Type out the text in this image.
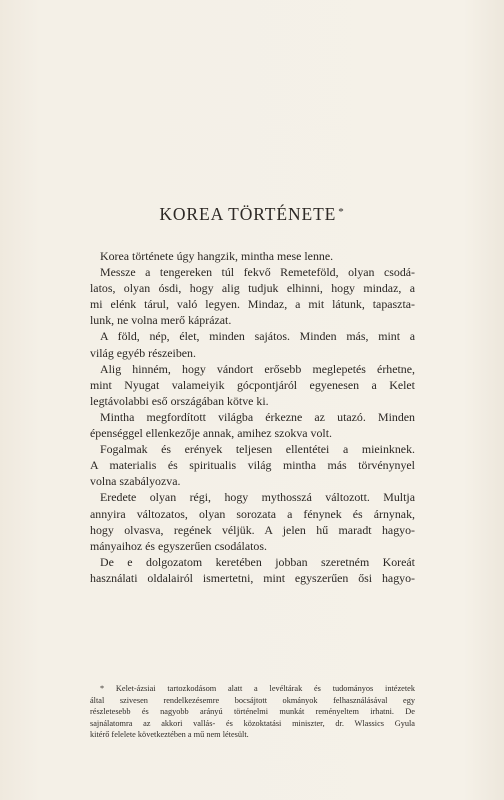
KOREA TÖRTÉNETE *

Korea története úgy hangzik, mintha mese lenne.

Messze a tengereken túl fekvő Remeteföld, olyan csodá-
latos, olyan ósdi, hogy alig tudjuk elhinni, hogy mindaz, a
mi elénk tárul, való legyen. Mindaz, a mit látunk, tapaszta-
lunk, ne volna merő káprázat.

A föld, nép, élet, minden sajátos. Minden más, mint a
világ egyéb részeiben.

Alig hinném, hogy vándort erősebb meglepetés érhetne,
mint Nyugat valameiyik gócpontjáról egyenesen a Kelet
legtávolabbi eső országában kötve ki.

Mintha megfordított világba érkezne az utazó. Minden
épenséggel ellenkezője annak, amihez szokva volt.

Fogalmak és erények teljesen ellentétei a mieinknek.
A materialis és spiritualis világ mintha más törvénynyel
volna szabályozva.

Eredete olyan régi, hogy mythosszá változott. Multja
annyira változatos, olyan sorozata a fénynek és árnynak,
hogy olvasva, regének véljük. A jelen hű maradt hagyo-
mányaihoz és egyszerűen csodálatos.

De e dolgozatom keretében jobban szeretném Koreát
használati oldalairól ismertetni, mint egyszerűen ősi hagyo-

* Kelet-ázsiai tartozkodásom alatt a levéltárak és tudományos intézetek
által szivesen rendelkezésemre bocsájtott okmányok felhasználásával egy
részletesebb és nagyobb arányú történelmi munkát reményeltem irhatni. De
sajnálatomra az akkori vallás- és közoktatási miniszter, dr. Wlassics Gyula
kitérő felelete következtében a mű nem létesült.
